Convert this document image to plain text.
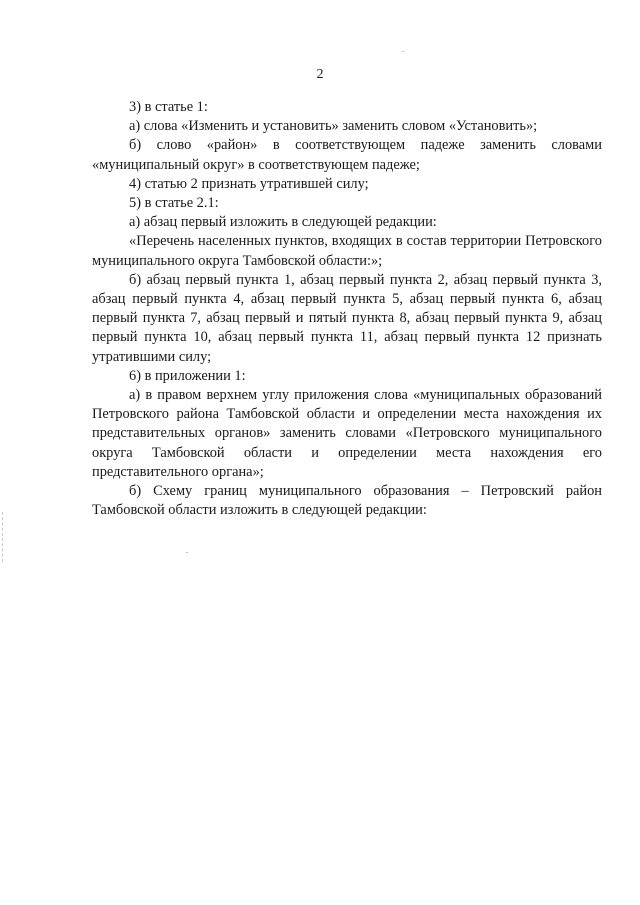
2

3) в статье 1:

а) слова «Изменить и установить» заменить словом «Установить»;

б) слово «район» в соответствующем падеже заменить словами «муниципальный округ» в соответствующем падеже;

4) статью 2 признать утратившей силу;

5) в статье 2.1:

а) абзац первый изложить в следующей редакции:

«Перечень населенных пунктов, входящих в состав территории Петровского муниципального округа Тамбовской области:»;

б) абзац первый пункта 1, абзац первый пункта 2, абзац первый пункта 3, абзац первый пункта 4, абзац первый пункта 5, абзац первый пункта 6, абзац первый пункта 7, абзац первый и пятый пункта 8, абзац первый пункта 9, абзац первый пункта 10, абзац первый пункта 11, абзац первый пункта 12 признать утратившими силу;

6) в приложении 1:

а) в правом верхнем углу приложения слова «муниципальных образований Петровского района Тамбовской области и определении места нахождения их представительных органов» заменить словами «Петровского муниципального округа Тамбовской области и определении места нахождения его представительного органа»;

б) Схему границ муниципального образования – Петровский район Тамбовской области изложить в следующей редакции:
